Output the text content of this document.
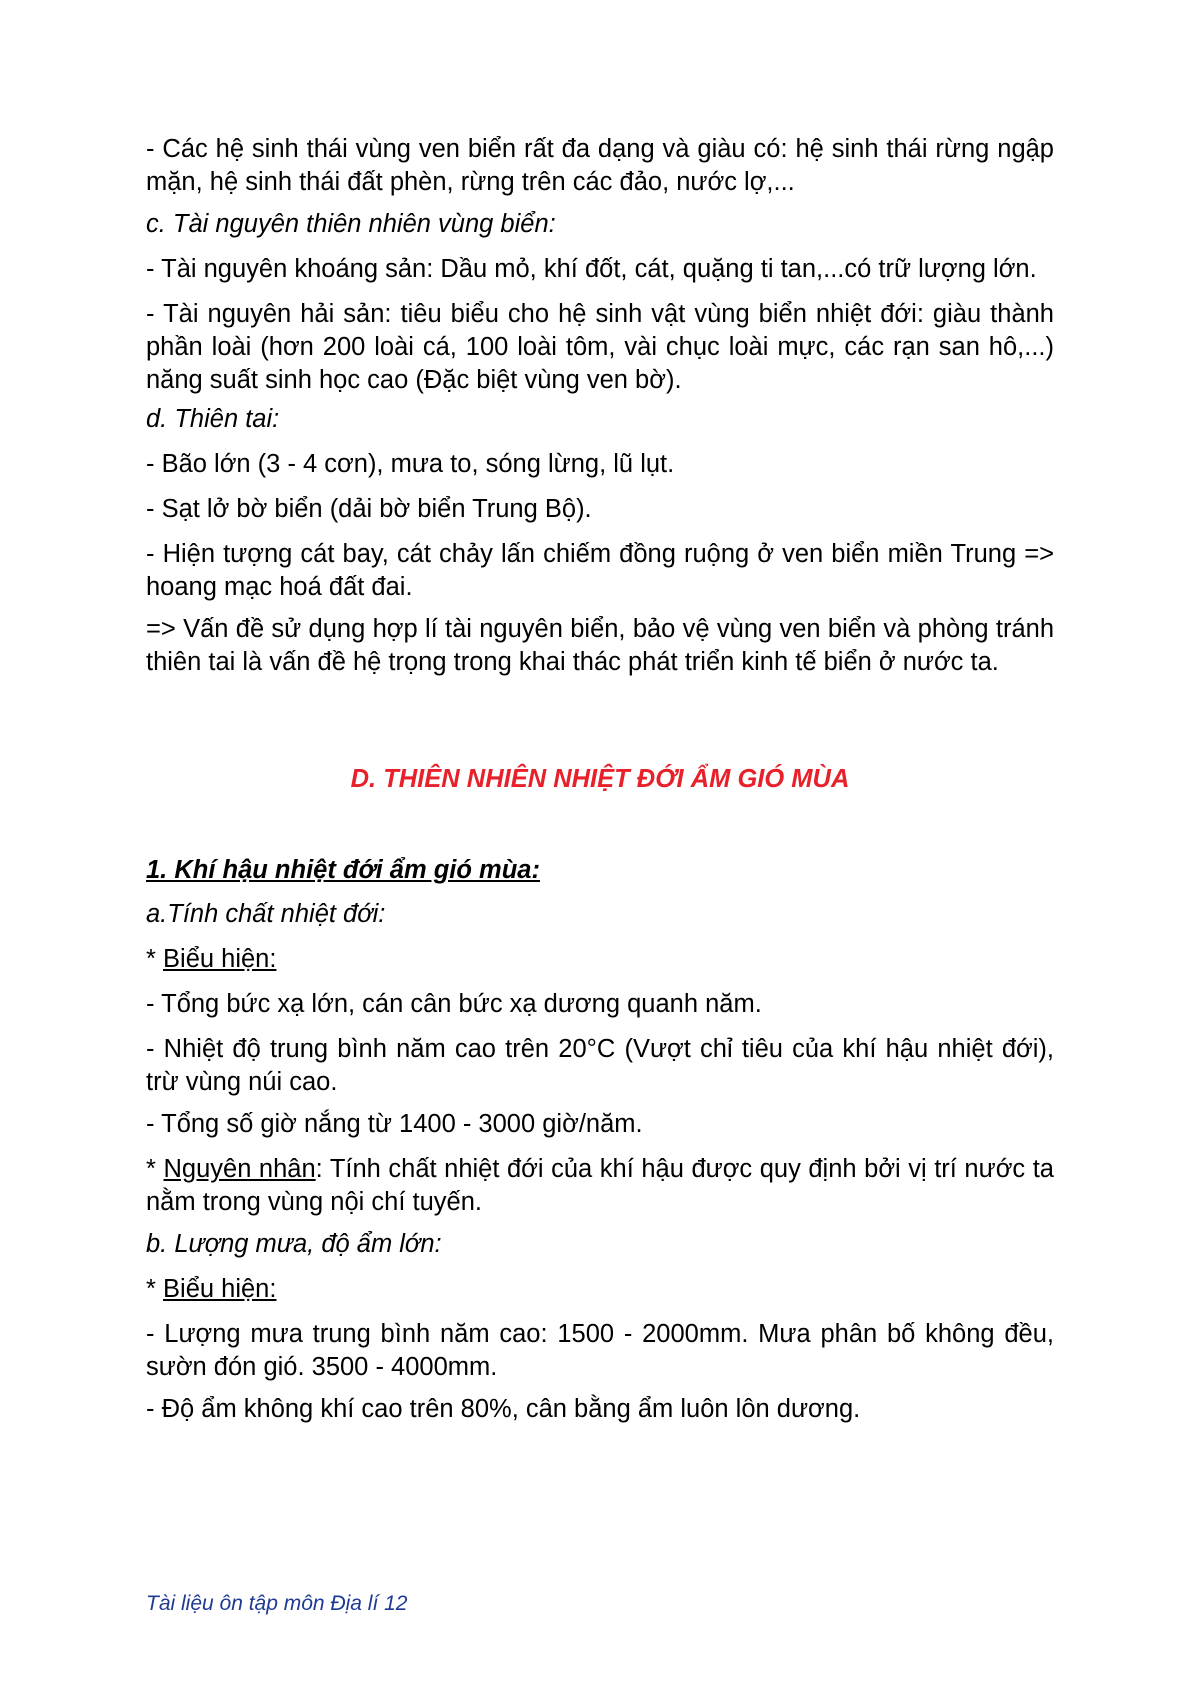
- Các hệ sinh thái vùng ven biển rất đa dạng và giàu có: hệ sinh thái rừng ngập mặn, hệ sinh thái đất phèn, rừng trên các đảo, nước lợ,...

c. Tài nguyên thiên nhiên vùng biển:

- Tài nguyên khoáng sản: Dầu mỏ, khí đốt, cát, quặng ti tan,...có trữ lượng lớn.

- Tài nguyên hải sản: tiêu biểu cho hệ sinh vật vùng biển nhiệt đới: giàu thành phần loài (hơn 200 loài cá, 100 loài tôm, vài chục loài mực, các rạn san hô,...) năng suất sinh học cao (Đặc biệt vùng ven bờ).

d. Thiên tai:

- Bão lớn (3 - 4 cơn), mưa to, sóng lừng, lũ lụt.

- Sạt lở bờ biển (dải bờ biển Trung Bộ).

- Hiện tượng cát bay, cát chảy lấn chiếm đồng ruộng ở ven biển miền Trung => hoang mạc hoá đất đai.

=> Vấn đề sử dụng hợp lí tài nguyên biển, bảo vệ vùng ven biển và phòng tránh thiên tai là vấn đề hệ trọng trong khai thác phát triển kinh tế biển ở nước ta.

D. THIÊN NHIÊN NHIỆT ĐỚI ẨM GIÓ MÙA

1. Khí hậu nhiệt đới ẩm gió mùa:

a.Tính chất nhiệt đới:

* Biểu hiện:

- Tổng bức xạ lớn, cán cân bức xạ dương quanh năm.

- Nhiệt độ trung bình năm cao trên 20°C (Vượt chỉ tiêu của khí hậu nhiệt đới), trừ vùng núi cao.

- Tổng số giờ nắng từ 1400 - 3000 giờ/năm.

* Nguyên nhân: Tính chất nhiệt đới của khí hậu được quy định bởi vị trí nước ta nằm trong vùng nội chí tuyến.

b. Lượng mưa, độ ẩm lớn:

* Biểu hiện:

- Lượng mưa trung bình năm cao: 1500 - 2000mm. Mưa phân bố không đều, sườn đón gió. 3500 - 4000mm.

- Độ ẩm không khí cao trên 80%, cân bằng ẩm luôn lôn dương.

Tài liệu ôn tập môn Địa lí 12
